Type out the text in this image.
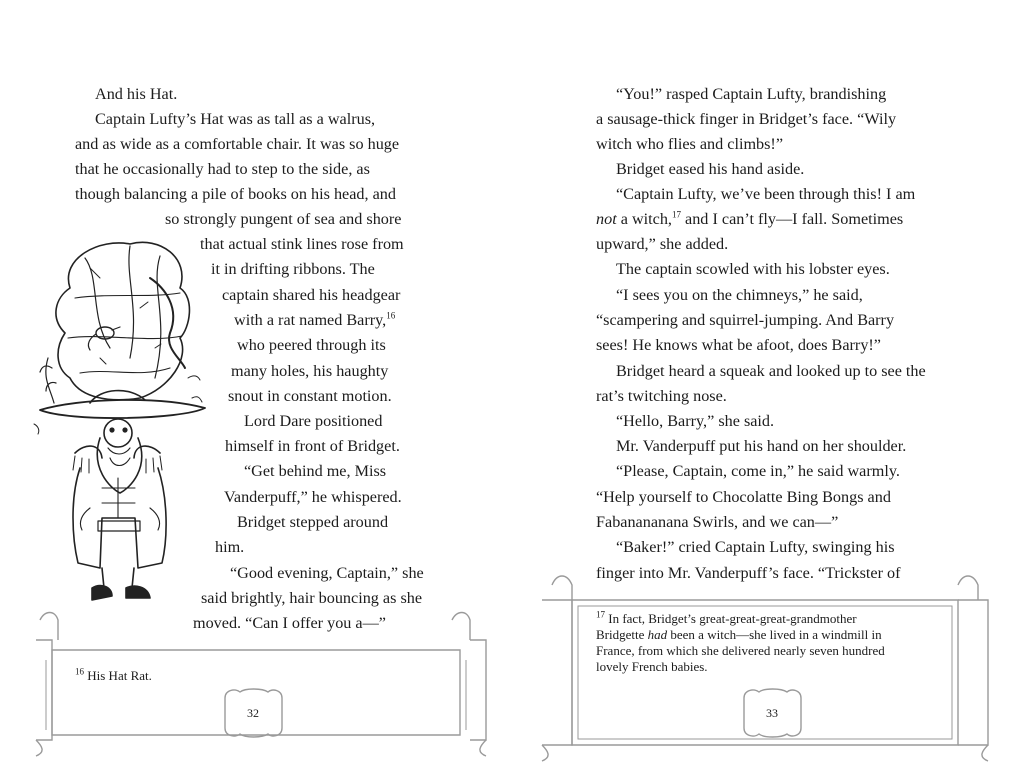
And his Hat.
Captain Lufty’s Hat was as tall as a walrus,
and as wide as a comfortable chair. It was so huge
that he occasionally had to step to the side, as
though balancing a pile of books on his head, and
so strongly pungent of sea and shore
that actual stink lines rose from
it in drifting ribbons. The
captain shared his headgear
with a rat named Barry,$^{16}$
who peered through its
many holes, his haughty
snout in constant motion.
Lord Dare positioned
himself in front of Bridget.
“Get behind me, Miss
Vanderpuff,” he whispered.
Bridget stepped around
him.
“Good evening, Captain,” she
said brightly, hair bouncing as she
moved. “Can I offer you a—”
$^{16}$ His Hat Rat.
32
“You!” rasped Captain Lufty, brandishing
a sausage-thick finger in Bridget’s face. “Wily
witch who flies and climbs!”
Bridget eased his hand aside.
“Captain Lufty, we’ve been through this! I am
not a witch,$^{17}$ and I can’t fly—I fall. Sometimes
upward,” she added.
The captain scowled with his lobster eyes.
“I sees you on the chimneys,” he said,
“scampering and squirrel-jumping. And Barry
sees! He knows what be afoot, does Barry!”
Bridget heard a squeak and looked up to see the
rat’s twitching nose.
“Hello, Barry,” she said.
Mr. Vanderpuff put his hand on her shoulder.
“Please, Captain, come in,” he said warmly.
“Help yourself to Chocolatte Bing Bongs and
Fabanananana Swirls, and we can—”
“Baker!” cried Captain Lufty, swinging his
finger into Mr. Vanderpuff’s face. “Trickster of
$^{17}$ In fact, Bridget’s great-great-great-grandmother
Bridgette had been a witch—she lived in a windmill in
France, from which she delivered nearly seven hundred
lovely French babies.
33
